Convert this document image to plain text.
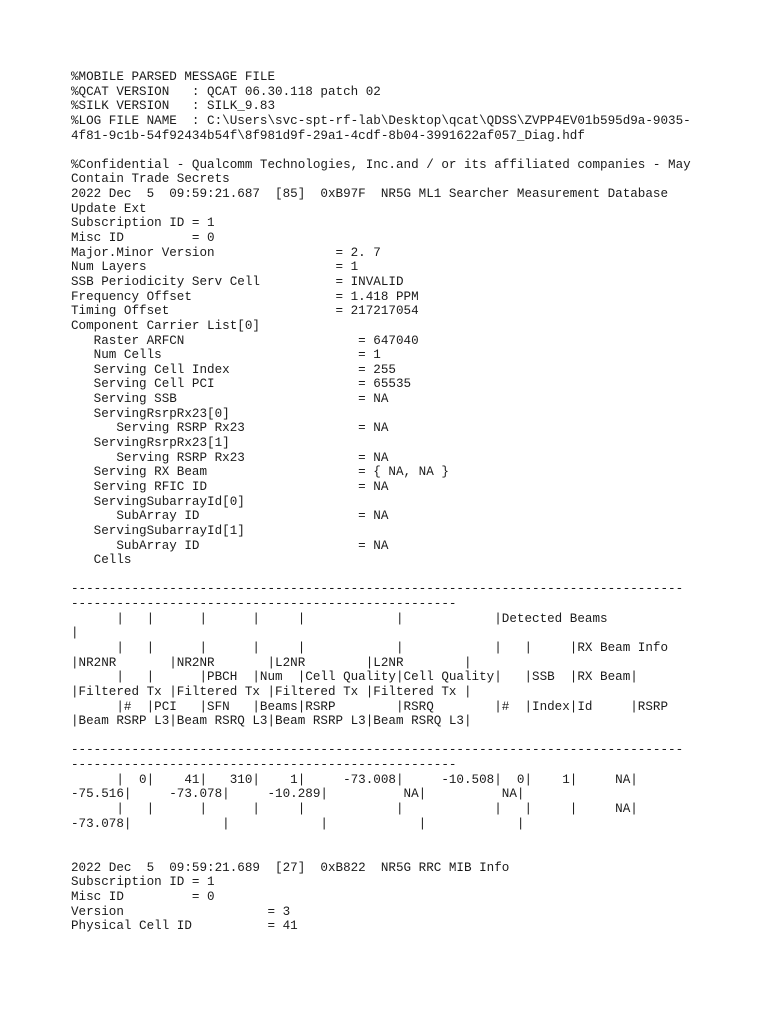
%MOBILE PARSED MESSAGE FILE
%QCAT VERSION   : QCAT 06.30.118 patch 02
%SILK VERSION   : SILK_9.83
%LOG FILE NAME  : C:\Users\svc-spt-rf-lab\Desktop\qcat\QDSS\ZVPP4EV01b595d9a-9035-
4f81-9c1b-54f92434b54f\8f981d9f-29a1-4cdf-8b04-3991622af057_Diag.hdf
%Confidential - Qualcomm Technologies, Inc.and / or its affiliated companies - May
Contain Trade Secrets
2022 Dec  5  09:59:21.687  [85]  0xB97F  NR5G ML1 Searcher Measurement Database
Update Ext
Subscription ID = 1
Misc ID         = 0
Major.Minor Version                = 2. 7
Num Layers                         = 1
SSB Periodicity Serv Cell          = INVALID
Frequency Offset                   = 1.418 PPM
Timing Offset                      = 217217054
Component Carrier List[0]
Raster ARFCN                       = 647040
Num Cells                          = 1
Serving Cell Index                 = 255
Serving Cell PCI                   = 65535
Serving SSB                        = NA
ServingRsrpRx23[0]
Serving RSRP Rx23               = NA
ServingRsrpRx23[1]
Serving RSRP Rx23               = NA
Serving RX Beam                    = { NA, NA }
Serving RFIC ID                    = NA
ServingSubarrayId[0]
SubArray ID                     = NA
ServingSubarrayId[1]
SubArray ID                     = NA
Cells
---------------------------------------------------------------------------------
---------------------------------------------------
|   |      |      |     |            |            |Detected Beams
|
|   |      |      |     |            |            |   |     |RX Beam Info
|NR2NR       |NR2NR       |L2NR        |L2NR        |
|   |      |PBCH  |Num  |Cell Quality|Cell Quality|   |SSB  |RX Beam|
|Filtered Tx |Filtered Tx |Filtered Tx |Filtered Tx |
|#  |PCI   |SFN   |Beams|RSRP        |RSRQ        |#  |Index|Id     |RSRP
|Beam RSRP L3|Beam RSRQ L3|Beam RSRP L3|Beam RSRQ L3|
---------------------------------------------------------------------------------
---------------------------------------------------
|  0|    41|   310|    1|     -73.008|     -10.508|  0|    1|     NA|
-75.516|     -73.078|     -10.289|          NA|          NA|
|   |      |      |     |            |            |   |     |     NA|
-73.078|            |            |            |            |
2022 Dec  5  09:59:21.689  [27]  0xB822  NR5G RRC MIB Info
Subscription ID = 1
Misc ID         = 0
Version                   = 3
Physical Cell ID          = 41
